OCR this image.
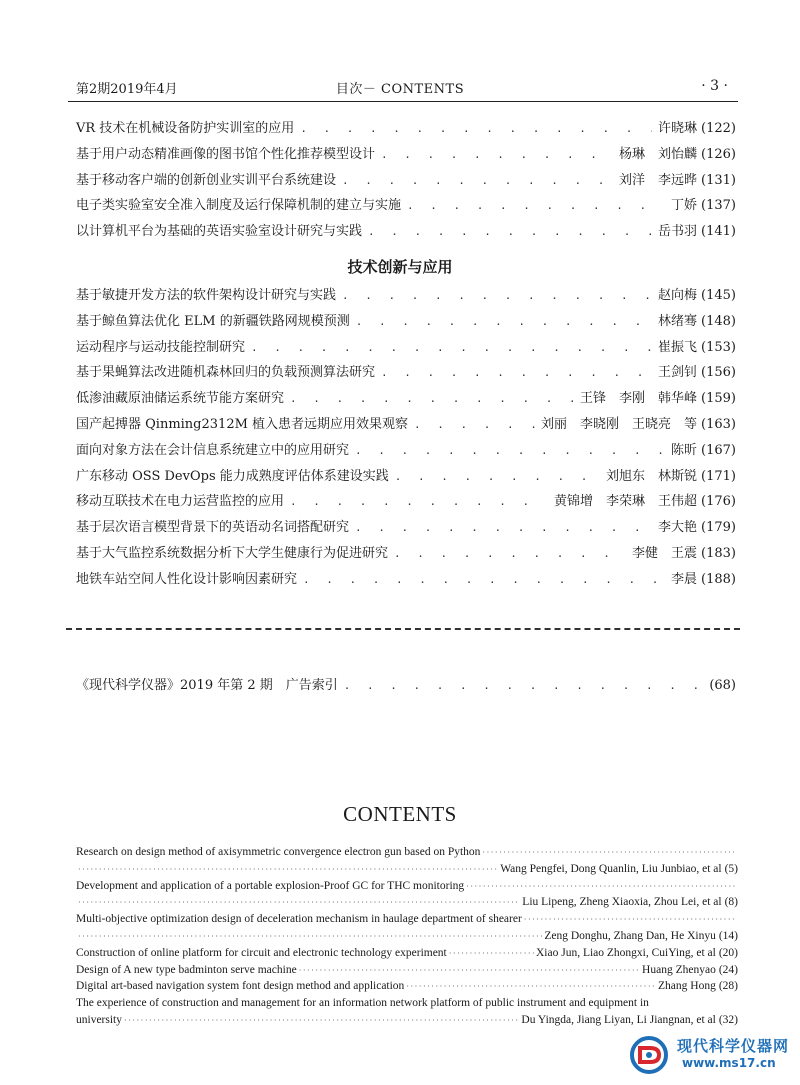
第2期2019年4月	目次－ CONTENTS	· 3 ·
VR 技术在机械设备防护实训室的应用 . . .	许晓琳 (122)
基于用户动态精准画像的图书馆个性化推荐模型设计 . . .	杨琳　刘怡麟 (126)
基于移动客户端的创新创业实训平台系统建设 . . .	刘洋　李远晔 (131)
电子类实验室安全准入制度及运行保障机制的建立与实施 . . .	丁娇 (137)
以计算机平台为基础的英语实验室设计研究与实践 . . .	岳书羽 (141)
技术创新与应用
基于敏捷开发方法的软件架构设计研究与实践 . . .	赵向梅 (145)
基于鲸鱼算法优化 ELM 的新疆铁路网规模预测 . . .	林绪骞 (148)
运动程序与运动技能控制研究 . . .	崔振飞 (153)
基于果蝇算法改进随机森林回归的负载预测算法研究 . . .	王剑钊 (156)
低渗油藏原油储运系统节能方案研究 . . .	王锋　李刚　韩华峰 (159)
国产起搏器 Qinming2312M 植入患者远期应用效果观察 . . .	刘丽　李晓刚　王晓亮　等 (163)
面向对象方法在会计信息系统建立中的应用研究 . . .	陈昕 (167)
广东移动 OSS DevOps 能力成熟度评估体系建设实践 . . .	刘旭东　林斯锐 (171)
移动互联技术在电力运营监控的应用 . . .	黄锦增　李荣琳　王伟超 (176)
基于层次语言模型背景下的英语动名词搭配研究 . . .	李大艳 (179)
基于大气监控系统数据分析下大学生健康行为促进研究 . . .	李健　王震 (183)
地铁车站空间人性化设计影响因素研究 . . .	李晨 (188)
《现代科学仪器》2019 年第 2 期　广告索引 . . .	(68)
CONTENTS
Research on design method of axisymmetric convergence electron gun based on Python
·····
·····
Wang Pengfei, Dong Quanlin, Liu Junbiao, et al (5)
Development and application of a portable explosion-Proof GC for THC monitoring
·····
·····
Liu Lipeng, Zheng Xiaoxia, Zhou Lei, et al (8)
Multi-objective optimization design of deceleration mechanism in haulage department of shearer
·····
·····
Zeng Donghu, Zhang Dan, He Xinyu (14)
Construction of online platform for circuit and electronic technology experiment ·····	Xiao Jun, Liao Zhongxi, CuiYing, et al (20)
Design of A new type badminton serve machine ·····	Huang Zhenyao (24)
Digital art-based navigation system font design method and application ·····	Zhang Hong (28)
The experience of construction and management for an information network platform of public instrument and equipment in
university ·····	Du Yingda, Jiang Liyan, Li Jiangnan, et al (32)
现代科学仪器网
www.ms17.cn
